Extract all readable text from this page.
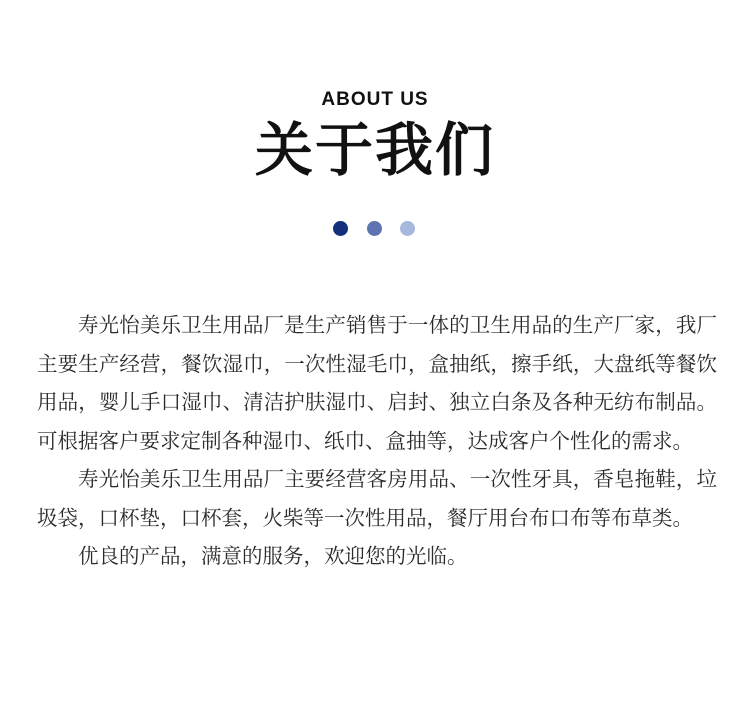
ABOUT US
关于我们

寿光怡美乐卫生用品厂是生产销售于一体的卫生用品的生产厂家，我厂主要生产经营，餐饮湿巾，一次性湿毛巾，盒抽纸，擦手纸，大盘纸等餐饮用品，婴儿手口湿巾、清洁护肤湿巾、启封、独立白条及各种无纺布制品。可根据客户要求定制各种湿巾、纸巾、盒抽等，达成客户个性化的需求。

寿光怡美乐卫生用品厂主要经营客房用品、一次性牙具，香皂拖鞋，垃圾袋，口杯垫，口杯套，火柴等一次性用品，餐厅用台布口布等布草类。

优良的产品，满意的服务，欢迎您的光临。
